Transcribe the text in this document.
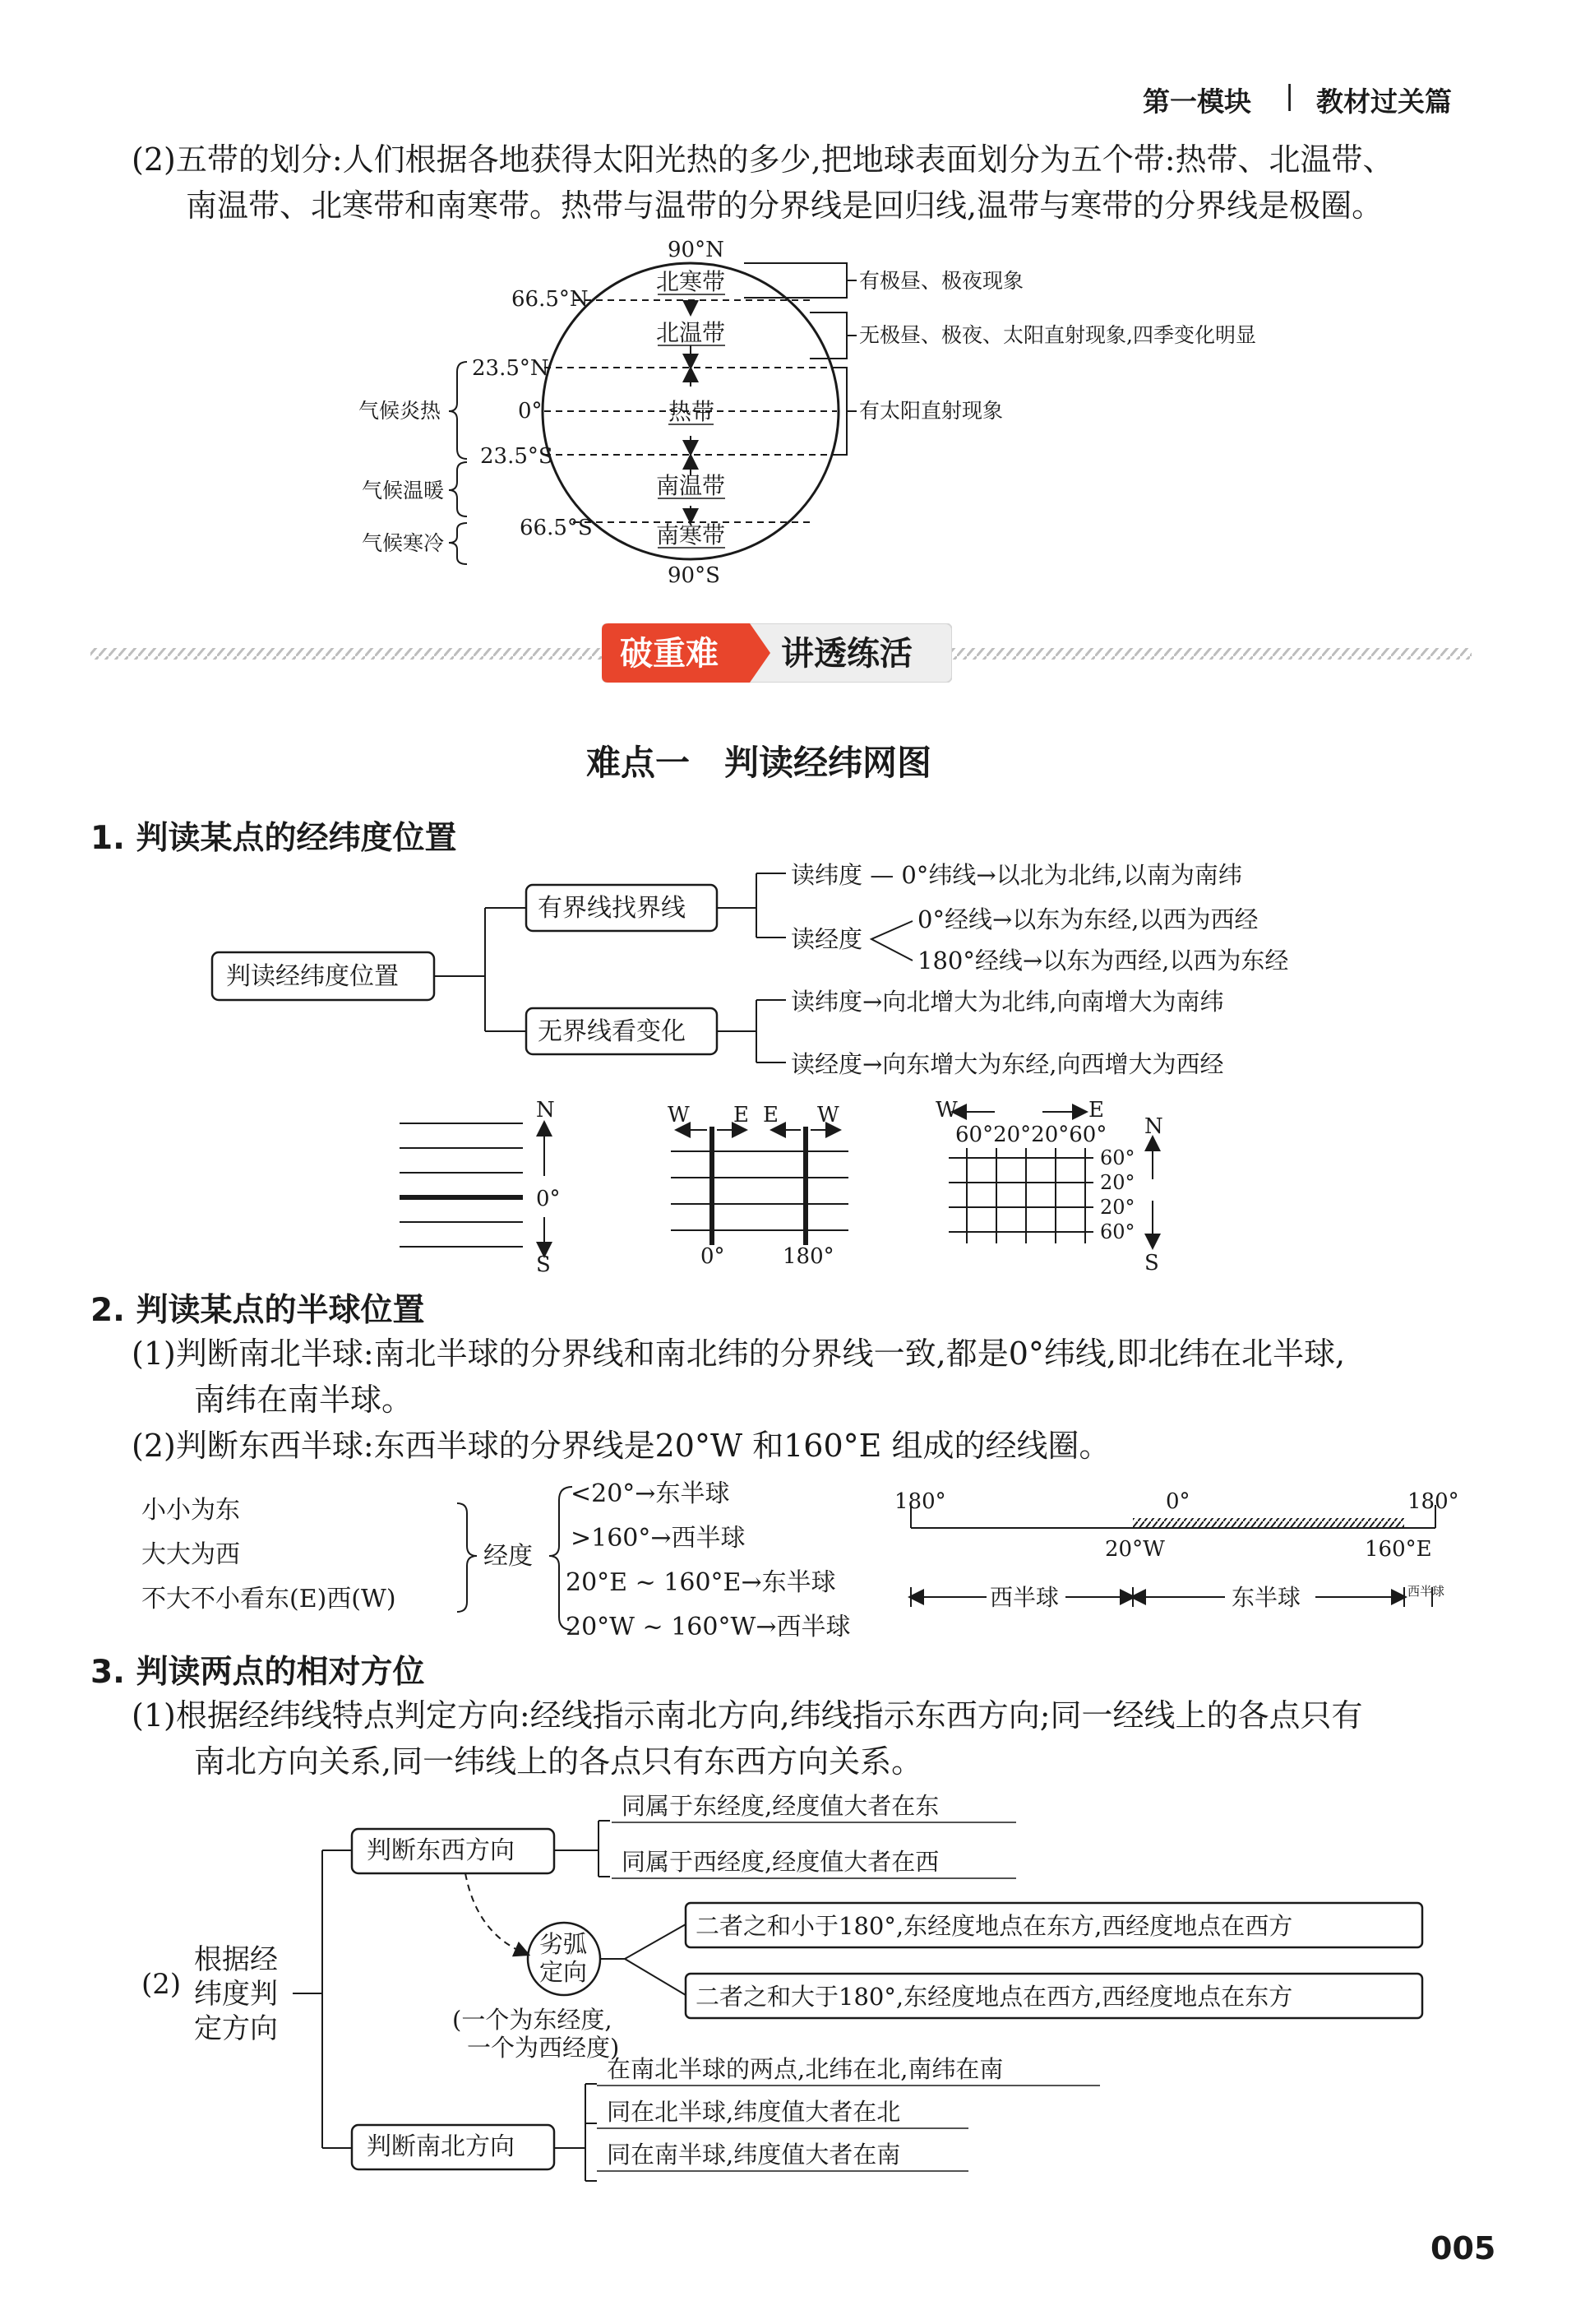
第一模块 | 教材过关篇
(2)五带的划分:人们根据各地获得太阳光热的多少,把地球表面划分为五个带:热带、北温带、
南温带、北寒带和南寒带。热带与温带的分界线是回归线,温带与寒带的分界线是极圈。
北寒带
北温带
热带
南温带
南寒带
90°N
90°S
66.5°N
23.5°N
0°
23.5°S
66.5°S
有极昼、极夜现象
无极昼、极夜、太阳直射现象,四季变化明显
有太阳直射现象
气候炎热
气候温暖
气候寒冷
破重难 讲透练活
难点一　判读经纬网图
1. 判读某点的经纬度位置
判读经纬度位置
有界线找界线
无界线看变化
读纬度 — 0°纬线→以北为北纬,以南为南纬
读经度
0°经线→以东为东经,以西为西经
180°经线→以东为西经,以西为东经
读纬度→向北增大为北纬,向南增大为南纬
读经度→向东增大为东经,向西增大为西经
N
0°
S
W E E W
0°	180°
W	E
60°20°20°60°
60°
20°
20°
60°
N
S
2. 判读某点的半球位置
(1)判断南北半球:南北半球的分界线和南北纬的分界线一致,都是0°纬线,即北纬在北半球,
南纬在南半球。
(2)判断东西半球:东西半球的分界线是20°W 和160°E 组成的经线圈。
小小为东
大大为西
不大不小看东(E)西(W)
经度
<20°→东半球
>160°→西半球
20°E ~ 160°E→东半球
20°W ~ 160°W→西半球
180°	0°	180°
20°W	160°E
西半球	东半球	西半球
3. 判读两点的相对方位
(1)根据经纬线特点判定方向:经线指示南北方向,纬线指示东西方向;同一经线上的各点只有
南北方向关系,同一纬线上的各点只有东西方向关系。
(2)
根据经
纬度判
定方向
判断东西方向
同属于东经度,经度值大者在东
同属于西经度,经度值大者在西
劣弧
定向
(一个为东经度,
一个为西经度)
二者之和小于180°,东经度地点在东方,西经度地点在西方
二者之和大于180°,东经度地点在西方,西经度地点在东方
判断南北方向
在南北半球的两点,北纬在北,南纬在南
同在北半球,纬度值大者在北
同在南半球,纬度值大者在南
005
